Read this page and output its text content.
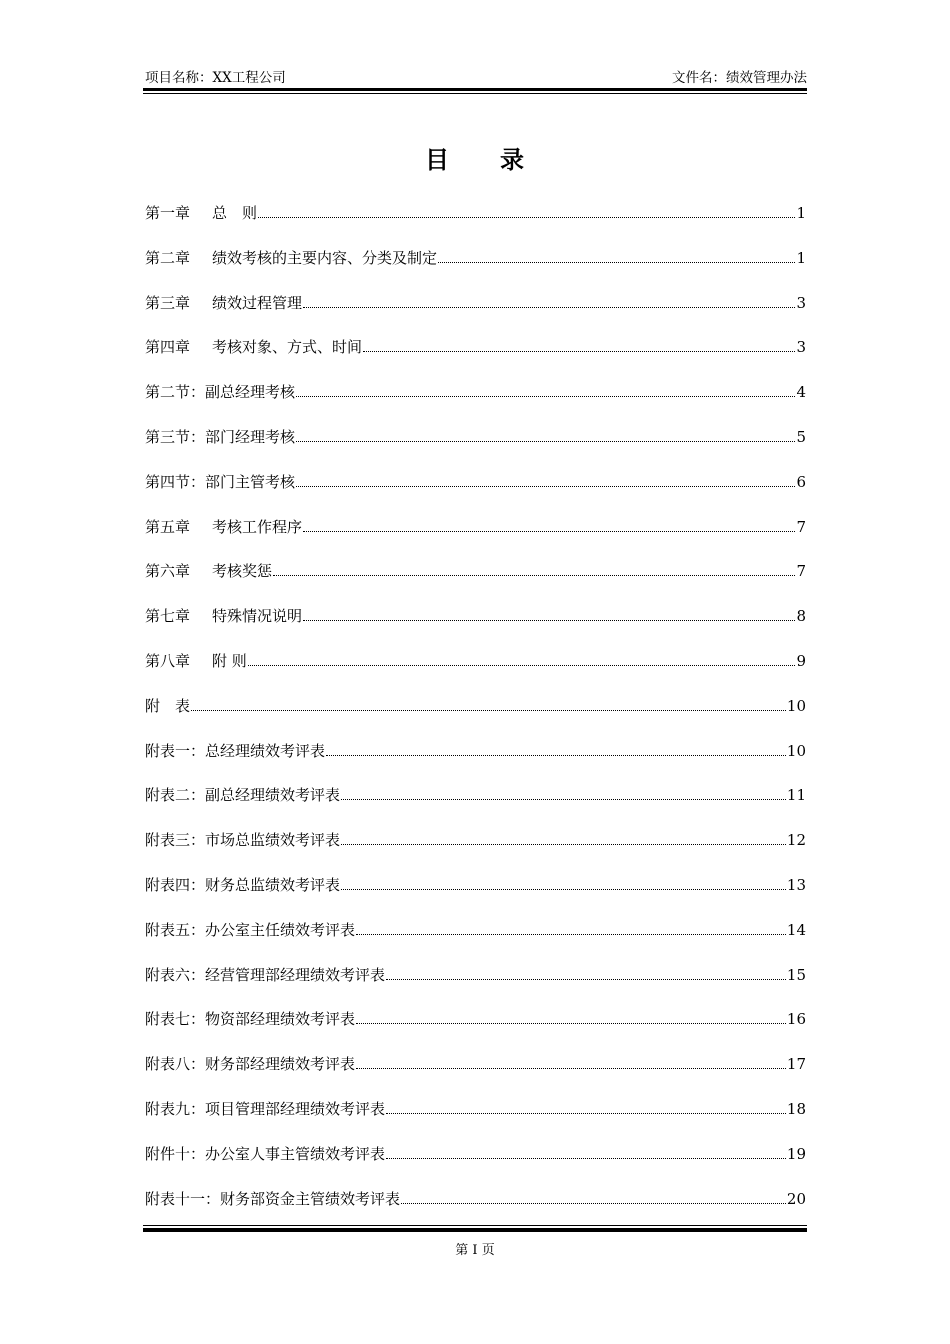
项目名称：XX工程公司	文件名：绩效管理办法
目 录
第一章 总　则	1
第二章 绩效考核的主要内容、分类及制定	1
第三章 绩效过程管理	3
第四章 考核对象、方式、时间	3
第二节：副总经理考核	4
第三节：部门经理考核	5
第四节：部门主管考核	6
第五章 考核工作程序	7
第六章 考核奖惩	7
第七章 特殊情况说明	8
第八章 附 则	9
附　表	10
附表一：总经理绩效考评表	10
附表二：副总经理绩效考评表	11
附表三：市场总监绩效考评表	12
附表四：财务总监绩效考评表	13
附表五：办公室主任绩效考评表	14
附表六：经营管理部经理绩效考评表	15
附表七：物资部经理绩效考评表	16
附表八：财务部经理绩效考评表	17
附表九：项目管理部经理绩效考评表	18
附件十：办公室人事主管绩效考评表	19
附表十一：财务部资金主管绩效考评表	20
第 I 页
